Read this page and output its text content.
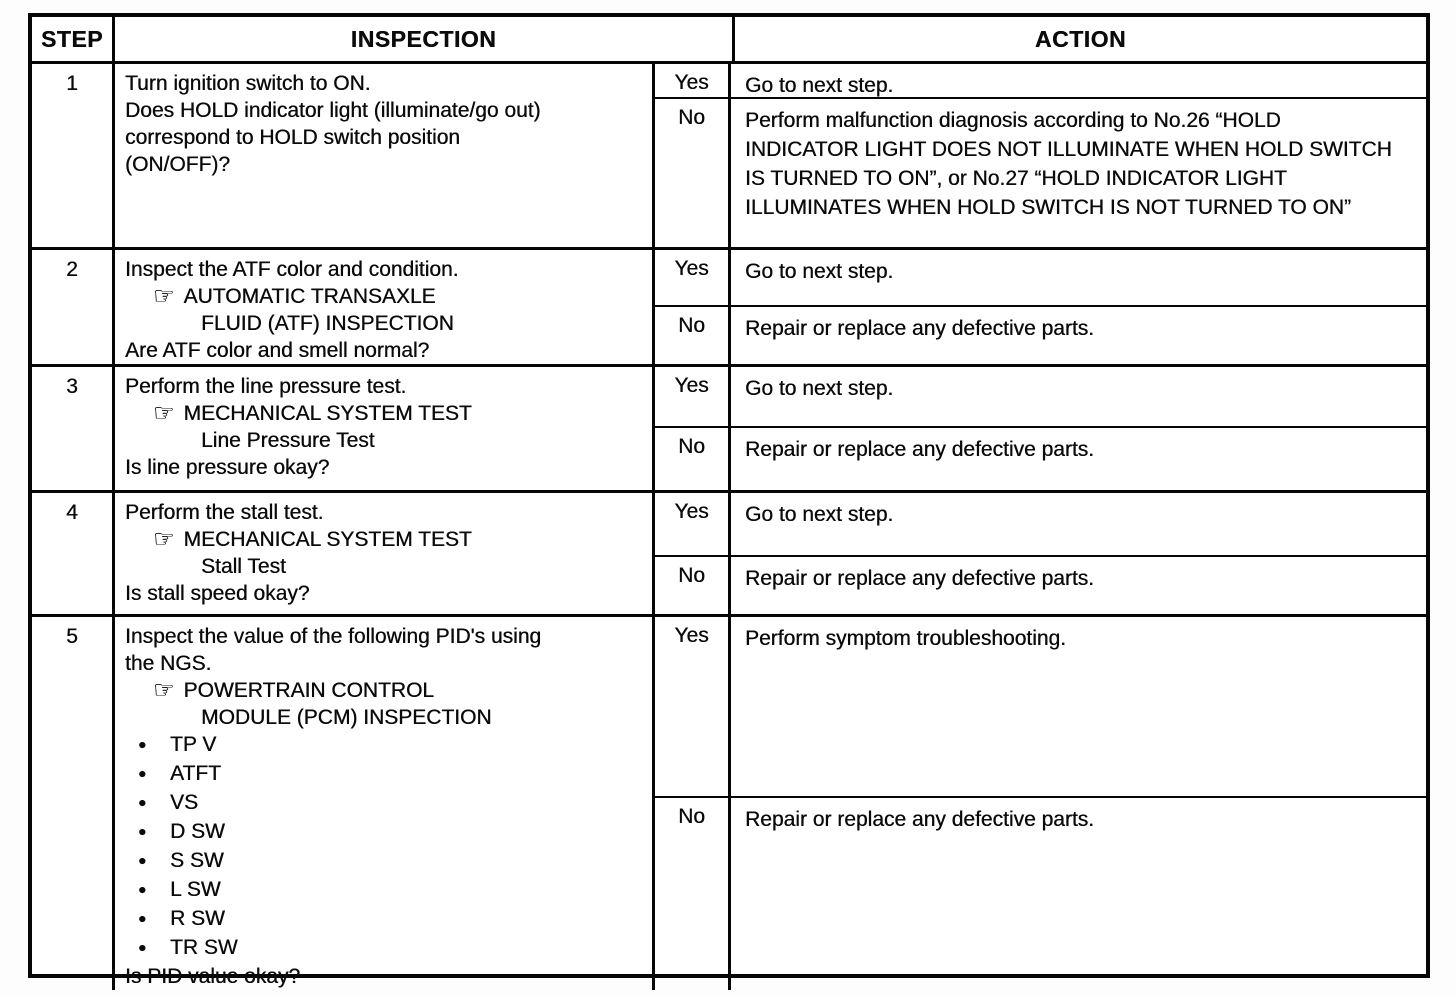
STEP	INSPECTION	ACTION
1	Turn ignition switch to ON.
Does HOLD indicator light (illuminate/go out)
correspond to HOLD switch position
(ON/OFF)?
Yes	Go to next step.
No	Perform malfunction diagnosis according to No.26 “HOLD INDICATOR LIGHT DOES NOT ILLUMINATE WHEN HOLD SWITCH IS TURNED TO ON”, or No.27 “HOLD INDICATOR LIGHT ILLUMINATES WHEN HOLD SWITCH IS NOT TURNED TO ON”
2	Inspect the ATF color and condition.
☞ AUTOMATIC TRANSAXLE
FLUID (ATF) INSPECTION
Are ATF color and smell normal?
Yes	Go to next step.
No	Repair or replace any defective parts.
3	Perform the line pressure test.
☞ MECHANICAL SYSTEM TEST
Line Pressure Test
Is line pressure okay?
Yes	Go to next step.
No	Repair or replace any defective parts.
4	Perform the stall test.
☞ MECHANICAL SYSTEM TEST
Stall Test
Is stall speed okay?
Yes	Go to next step.
No	Repair or replace any defective parts.
5	Inspect the value of the following PID's using
the NGS.
☞ POWERTRAIN CONTROL
MODULE (PCM) INSPECTION
●	TP V
●	ATFT
●	VS
●	D SW
●	S SW
●	L SW
●	R SW
●	TR SW
Is PID value okay?
Yes	Perform symptom troubleshooting.
No	Repair or replace any defective parts.
